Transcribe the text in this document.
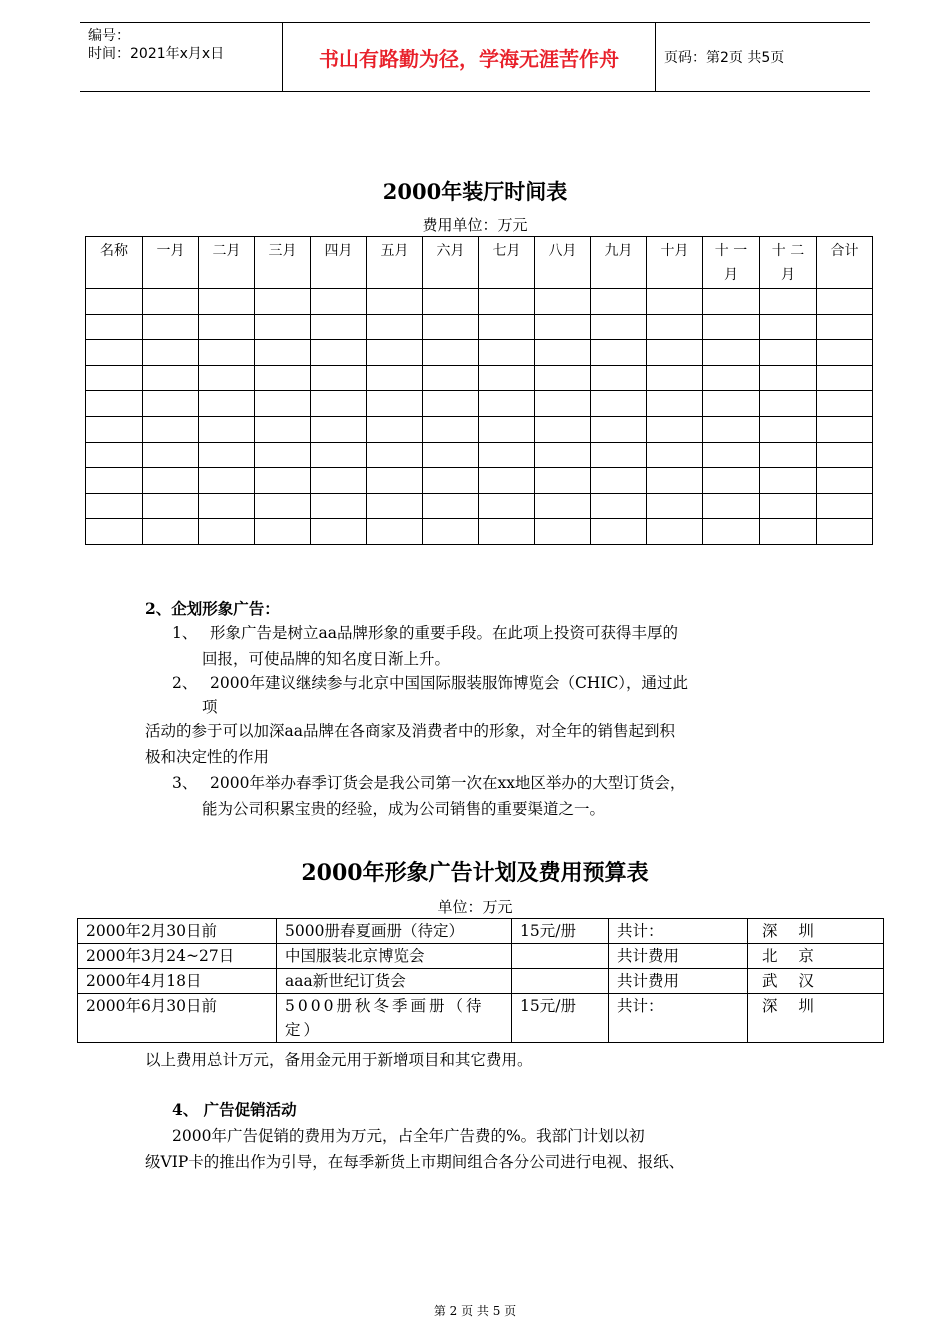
编号：
时间：2021年x月x日	书山有路勤为径，学海无涯苦作舟	页码：第2页 共5页
2000年装厅时间表
费用单位：万元
名称	一月	二月	三月	四月	五月	六月	七月	八月	九月	十月	十 一 月	十 二 月	合计

2、企划形象广告：
1、 形象广告是树立aa品牌形象的重要手段。在此项上投资可获得丰厚的
回报，可使品牌的知名度日渐上升。
2、 2000年建议继续参与北京中国国际服装服饰博览会（CHIC），通过此
项
活动的参于可以加深aa品牌在各商家及消费者中的形象，对全年的销售起到积
极和决定性的作用
3、 2000年举办春季订货会是我公司第一次在xx地区举办的大型订货会，
能为公司积累宝贵的经验，成为公司销售的重要渠道之一。
2000年形象广告计划及费用预算表
单位：万元
2000年2月30日前	5000册春夏画册（待定）	15元/册	共计：	深 圳
2000年3月24~27日	中国服装北京博览会		共计费用	北 京
2000年4月18日	aaa新世纪订货会		共计费用	武 汉
2000年6月30日前	5000册秋冬季画册（待定）	15元/册	共计：	深 圳
以上费用总计万元，备用金元用于新增项目和其它费用。
4、 广告促销活动
2000年广告促销的费用为万元，占全年广告费的%。我部门计划以初
级VIP卡的推出作为引导，在每季新货上市期间组合各分公司进行电视、报纸、
第 2 页 共 5 页
